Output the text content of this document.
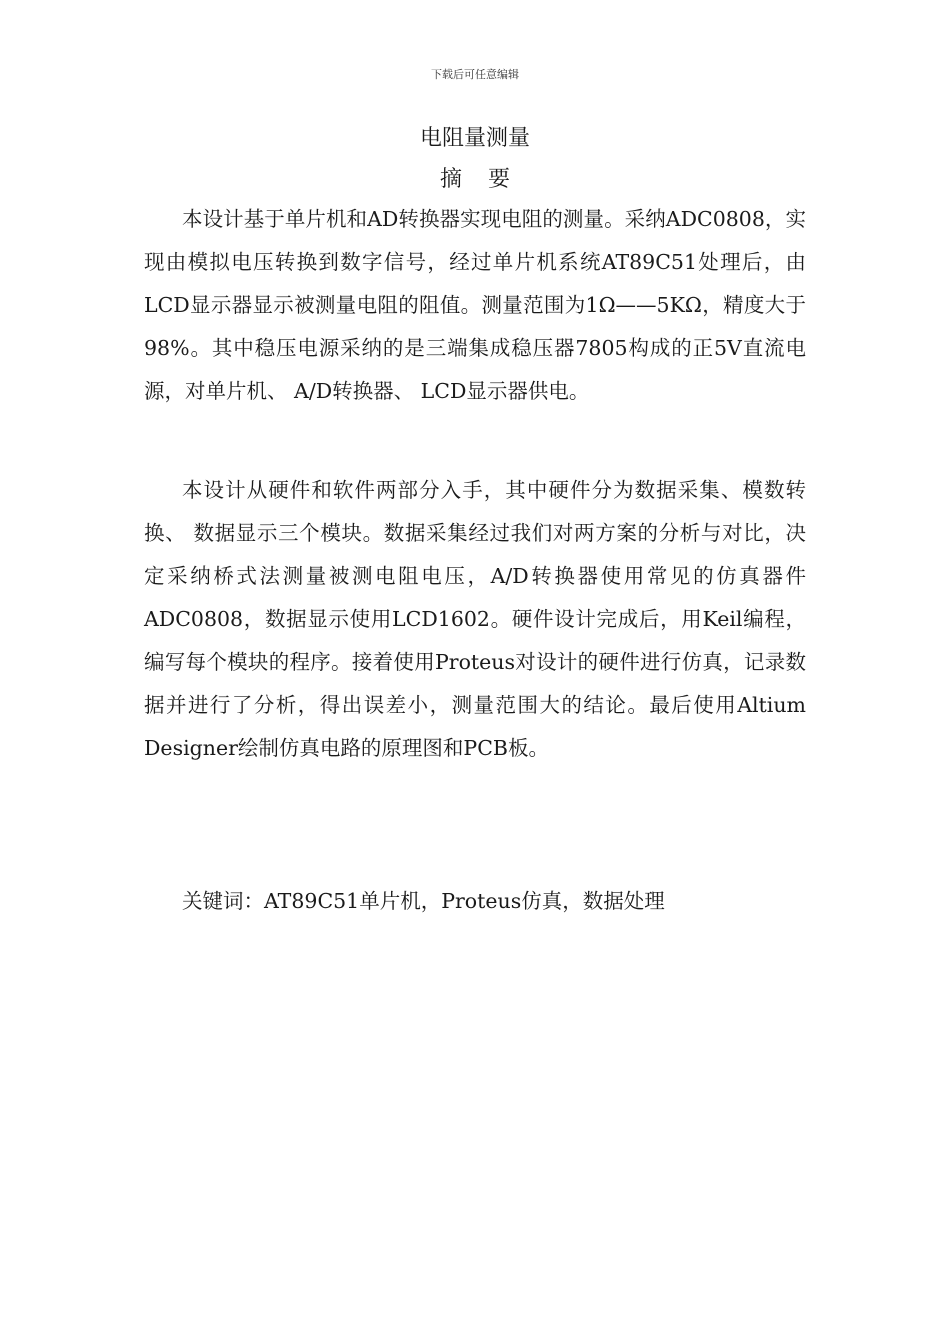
下载后可任意编辑
电阻量测量
摘 要

本设计基于单片机和AD转换器实现电阻的测量。采纳ADC0808，实现由模拟电压转换到数字信号，经过单片机系统AT89C51处理后，由LCD显示器显示被测量电阻的阻值。测量范围为1Ω——5KΩ，精度大于98%。其中稳压电源采纳的是三端集成稳压器7805构成的正5V直流电源，对单片机、 A/D转换器、 LCD显示器供电。

本设计从硬件和软件两部分入手，其中硬件分为数据采集、模数转换、 数据显示三个模块。数据采集经过我们对两方案的分析与对比，决定采纳桥式法测量被测电阻电压，A/D转换器使用常见的仿真器件ADC0808，数据显示使用LCD1602。硬件设计完成后，用Keil编程，编写每个模块的程序。接着使用Proteus对设计的硬件进行仿真，记录数据并进行了分析，得出误差小，测量范围大的结论。最后使用Altium Designer绘制仿真电路的原理图和PCB板。

关键词：AT89C51单片机，Proteus仿真，数据处理
